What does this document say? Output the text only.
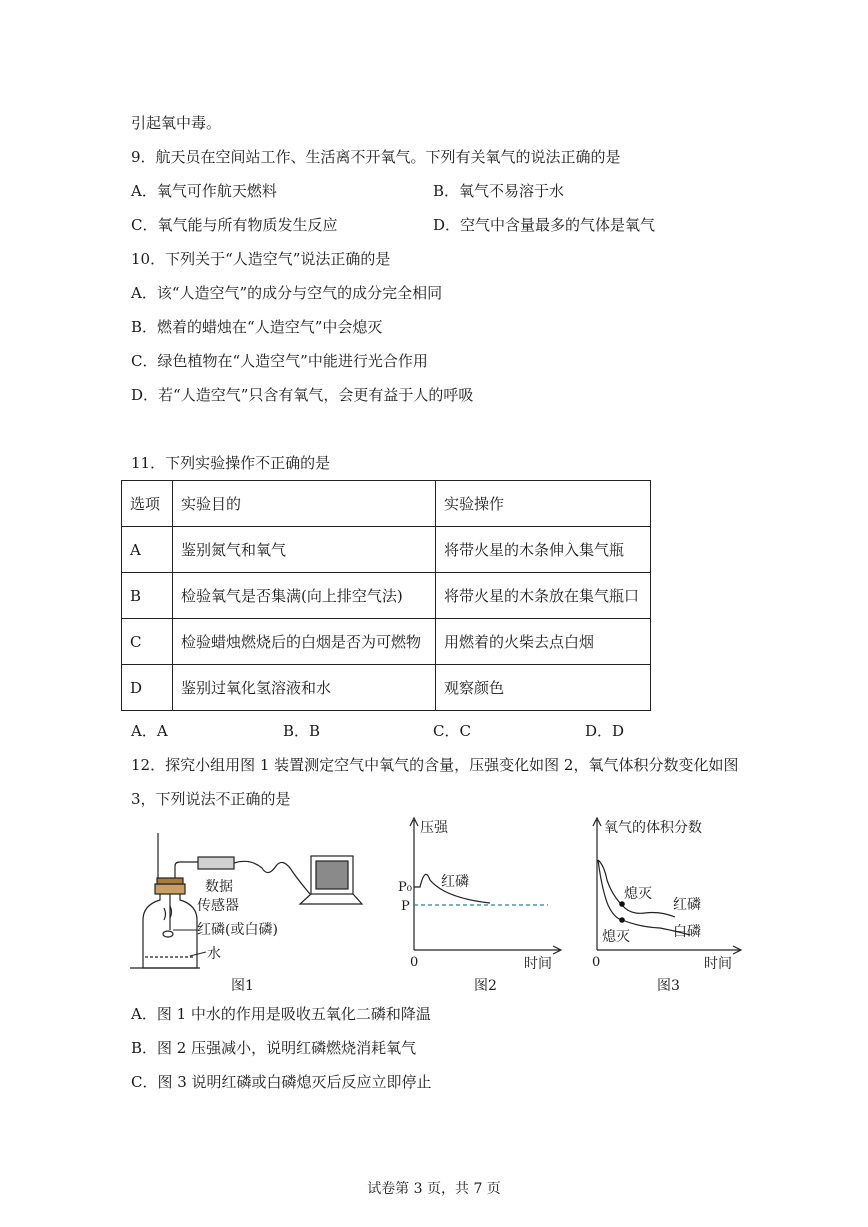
引起氧中毒。
9．航天员在空间站工作、生活离不开氧气。下列有关氧气的说法正确的是
A．氧气可作航天燃料	B．氧气不易溶于水
C．氧气能与所有物质发生反应	D．空气中含量最多的气体是氧气
10．下列关于“人造空气”说法正确的是
A．该“人造空气”的成分与空气的成分完全相同
B．燃着的蜡烛在“人造空气”中会熄灭
C．绿色植物在“人造空气”中能进行光合作用
D．若“人造空气”只含有氧气，会更有益于人的呼吸
11．下列实验操作不正确的是
选项	实验目的	实验操作
A	鉴别氮气和氧气	将带火星的木条伸入集气瓶
B	检验氧气是否集满(向上排空气法)	将带火星的木条放在集气瓶口
C	检验蜡烛燃烧后的白烟是否为可燃物	用燃着的火柴去点白烟
D	鉴别过氧化氢溶液和水	观察颜色
A．A	B．B	C．C	D．D
12．探究小组用图 1 装置测定空气中氧气的含量，压强变化如图 2，氧气体积分数变化如图
3，下列说法不正确的是
数据
传感器
红磷(或白磷)
水
图1
压强
P₀
P
红磷
0	时间
图2
氧气的体积分数
熄灭
熄灭
红磷
白磷
0	时间
图3
A．图 1 中水的作用是吸收五氧化二磷和降温
B．图 2 压强减小，说明红磷燃烧消耗氧气
C．图 3 说明红磷或白磷熄灭后反应立即停止
试卷第 3 页，共 7 页
